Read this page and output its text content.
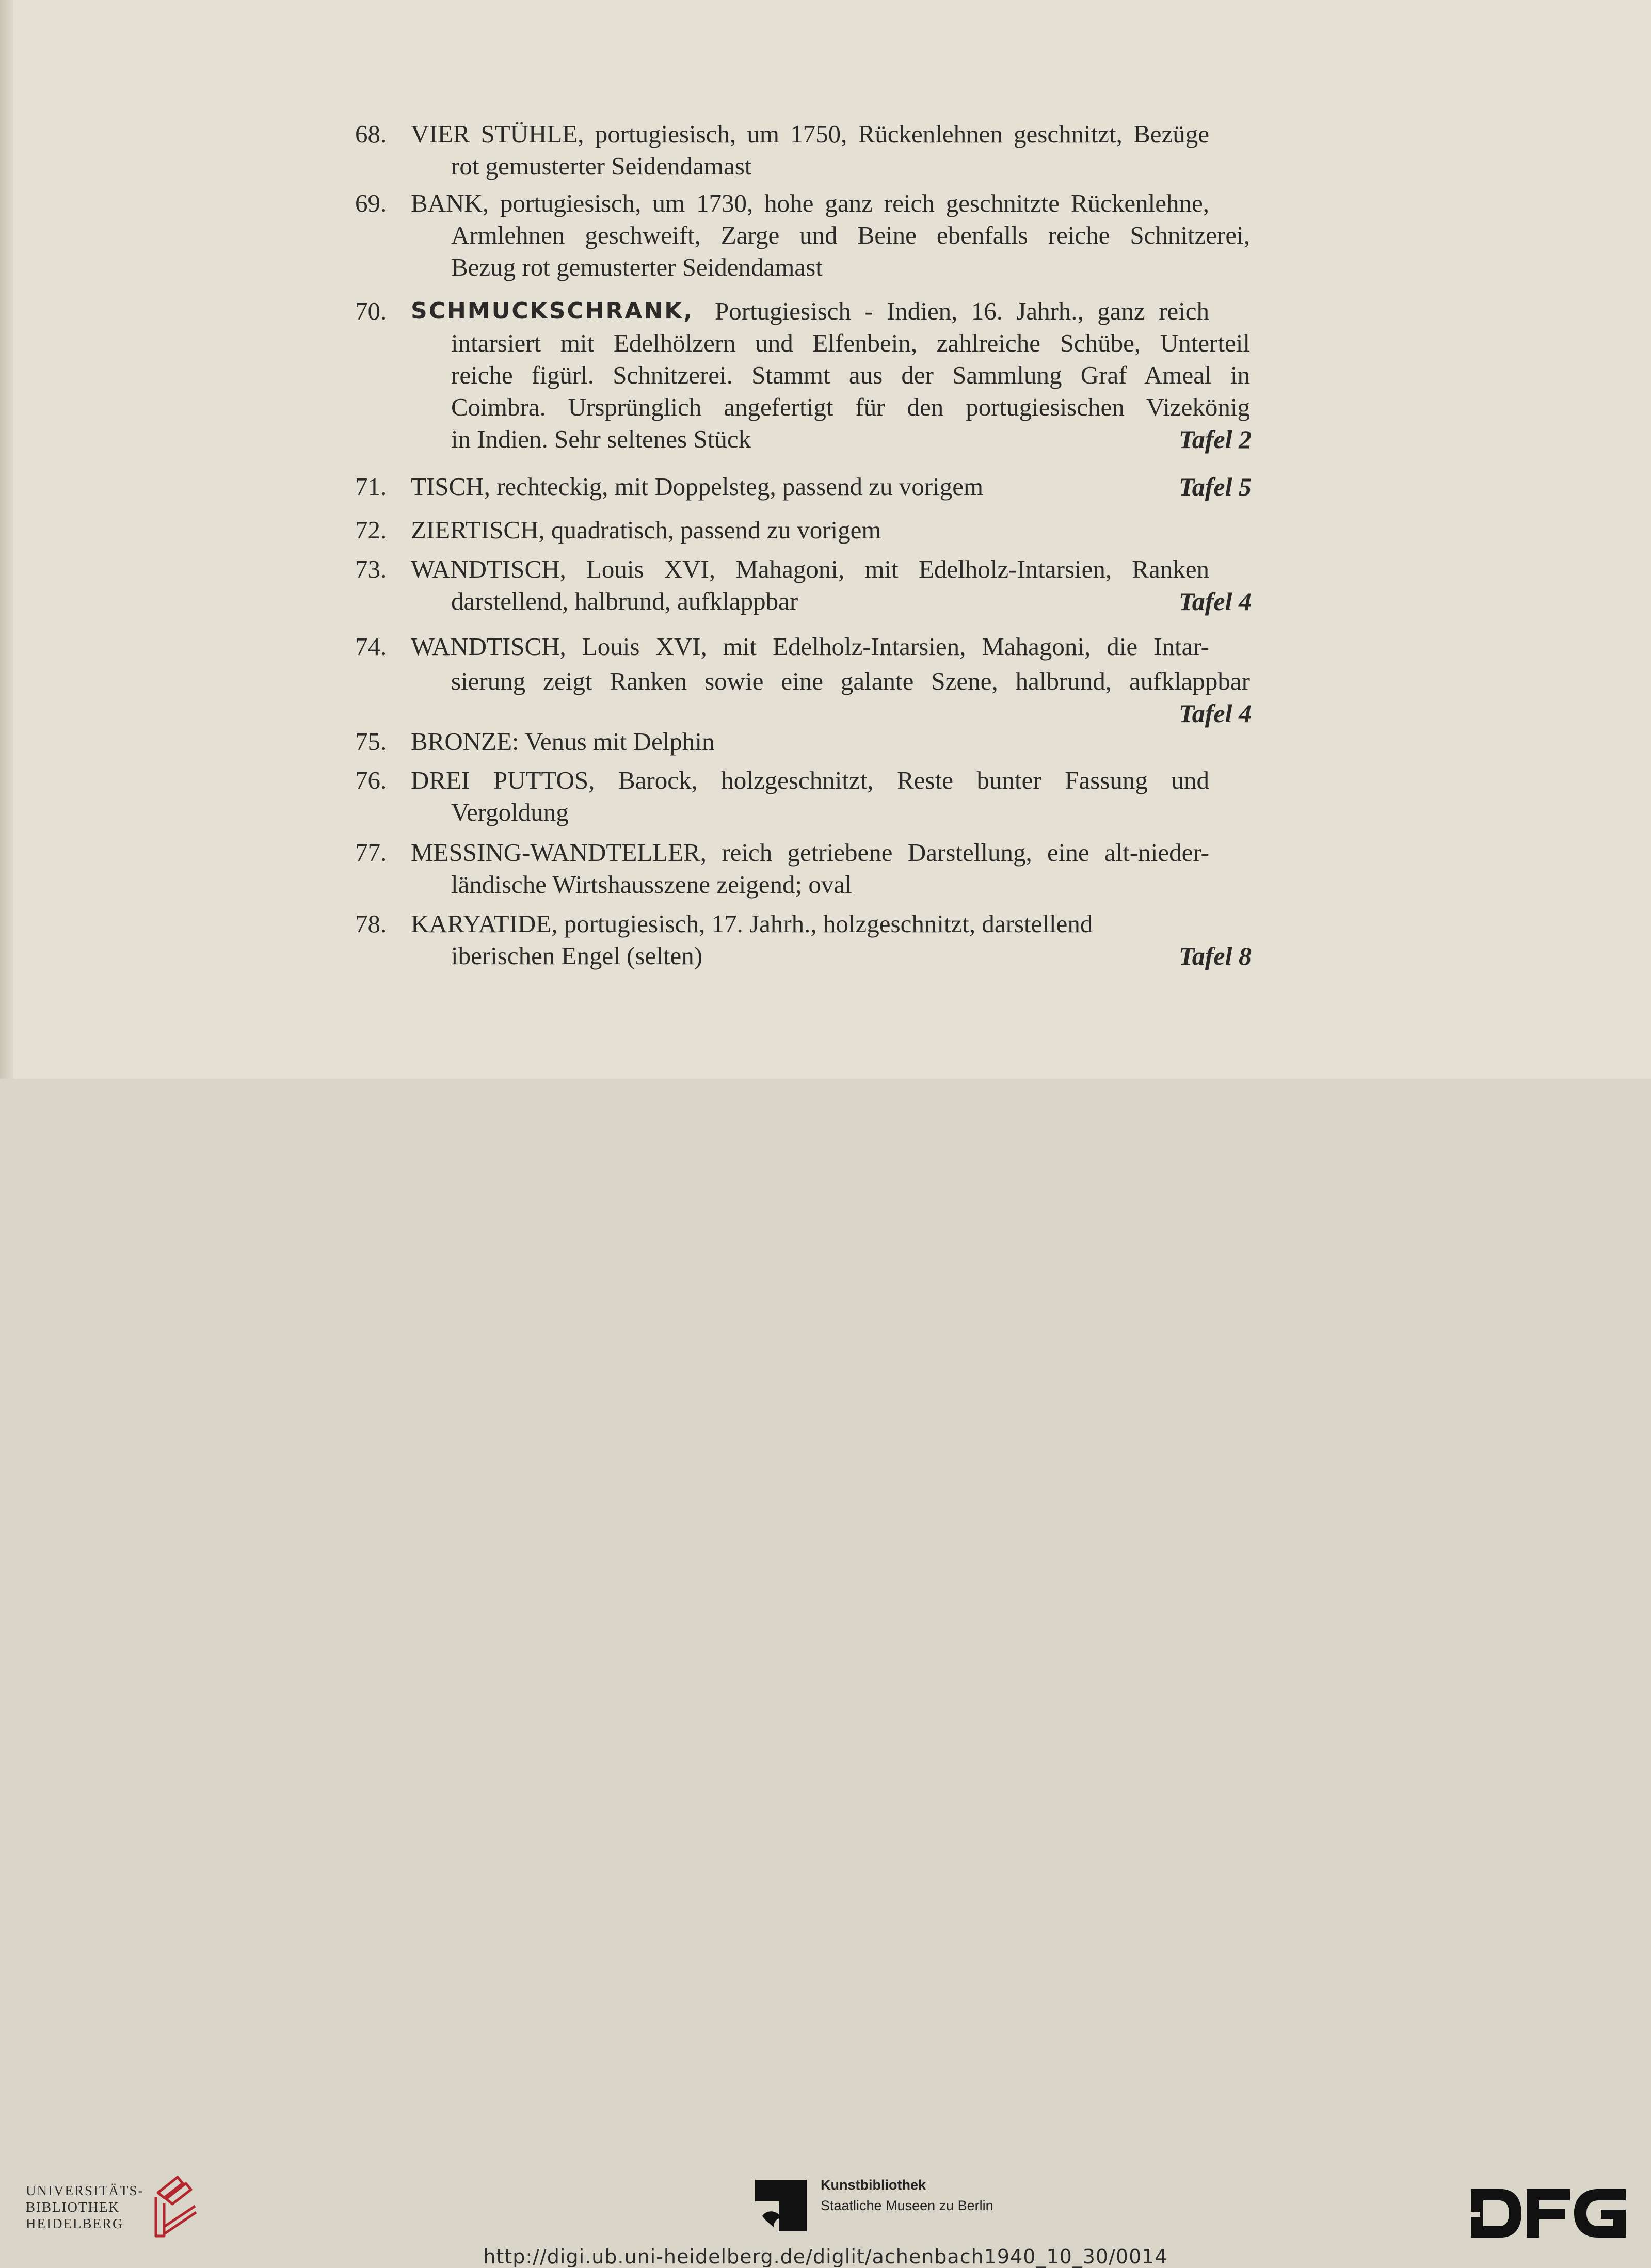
68. VIER STÜHLE, portugiesisch, um 1750, Rückenlehnen geschnitzt, Bezüge
rot gemusterter Seidendamast
69. BANK, portugiesisch, um 1730, hohe ganz reich geschnitzte Rückenlehne,
Armlehnen geschweift, Zarge und Beine ebenfalls reiche Schnitzerei,
Bezug rot gemusterter Seidendamast
70. SCHMUCKSCHRANK, Portugiesisch - Indien, 16. Jahrh., ganz reich
intarsiert mit Edelhölzern und Elfenbein, zahlreiche Schübe, Unterteil
reiche figürl. Schnitzerei. Stammt aus der Sammlung Graf Ameal in
Coimbra. Ursprünglich angefertigt für den portugiesischen Vizekönig
in Indien. Sehr seltenes Stück	Tafel 2
71. TISCH, rechteckig, mit Doppelsteg, passend zu vorigem	Tafel 5
72. ZIERTISCH, quadratisch, passend zu vorigem
73. WANDTISCH, Louis XVI, Mahagoni, mit Edelholz-Intarsien, Ranken
darstellend, halbrund, aufklappbar	Tafel 4
74. WANDTISCH, Louis XVI, mit Edelholz-Intarsien, Mahagoni, die Intar-
sierung zeigt Ranken sowie eine galante Szene, halbrund, aufklappbar
Tafel 4
75. BRONZE: Venus mit Delphin
76. DREI PUTTOS, Barock, holzgeschnitzt, Reste bunter Fassung und
Vergoldung
77. MESSING-WANDTELLER, reich getriebene Darstellung, eine alt-nieder-
ländische Wirtshausszene zeigend; oval
78. KARYATIDE, portugiesisch, 17. Jahrh., holzgeschnitzt, darstellend
iberischen Engel (selten)	Tafel 8
UNIVERSITÄTS-
BIBLIOTHEK
HEIDELBERG
Kunstbibliothek
Staatliche Museen zu Berlin
http://digi.ub.uni-heidelberg.de/diglit/achenbach1940_10_30/0014
